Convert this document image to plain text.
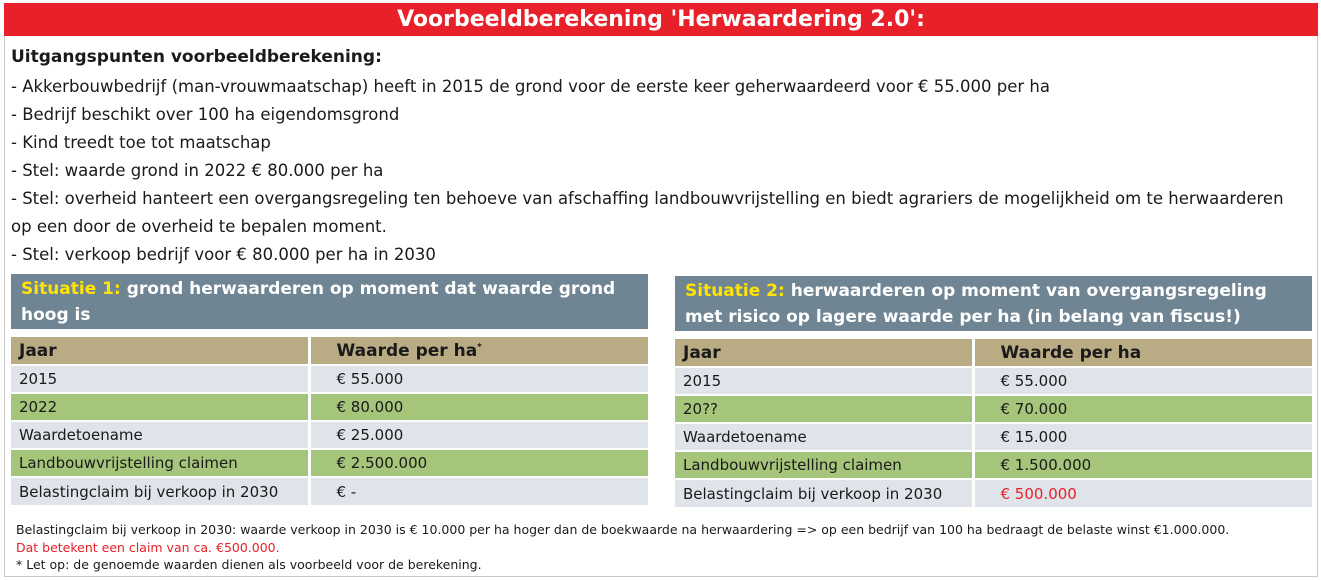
Voorbeeldberekening 'Herwaardering 2.0':
Uitgangspunten voorbeeldberekening:

- Akkerbouwbedrijf (man-vrouwmaatschap) heeft in 2015 de grond voor de eerste keer geherwaardeerd voor € 55.000 per ha

- Bedrijf beschikt over 100 ha eigendomsgrond

- Kind treedt toe tot maatschap

- Stel: waarde grond in 2022 € 80.000 per ha

- Stel: overheid hanteert een overgangsregeling ten behoeve van afschaffing landbouwvrijstelling en biedt agrariers de mogelijkheid om te herwaarderen op een door de overheid te bepalen moment.

- Stel: verkoop bedrijf voor € 80.000 per ha in 2030

Situatie 1: grond herwaarderen op moment dat waarde grond hoog is
Jaar	Waarde per ha*
2015	€ 55.000
2022	€ 80.000
Waardetoename	€ 25.000
Landbouwvrijstelling claimen	€ 2.500.000
Belastingclaim bij verkoop in 2030	€ -
Situatie 2: herwaarderen op moment van overgangsregeling met risico op lagere waarde per ha (in belang van fiscus!)
Jaar	Waarde per ha
2015	€ 55.000
20??	€ 70.000
Waardetoename	€ 15.000
Landbouwvrijstelling claimen	€ 1.500.000
Belastingclaim bij verkoop in 2030	€ 500.000
Belastingclaim bij verkoop in 2030: waarde verkoop in 2030 is € 10.000 per ha hoger dan de boekwaarde na herwaardering => op een bedrijf van 100 ha bedraagt de belaste winst €1.000.000.
Dat betekent een claim van ca. €500.000.
* Let op: de genoemde waarden dienen als voorbeeld voor de berekening.
